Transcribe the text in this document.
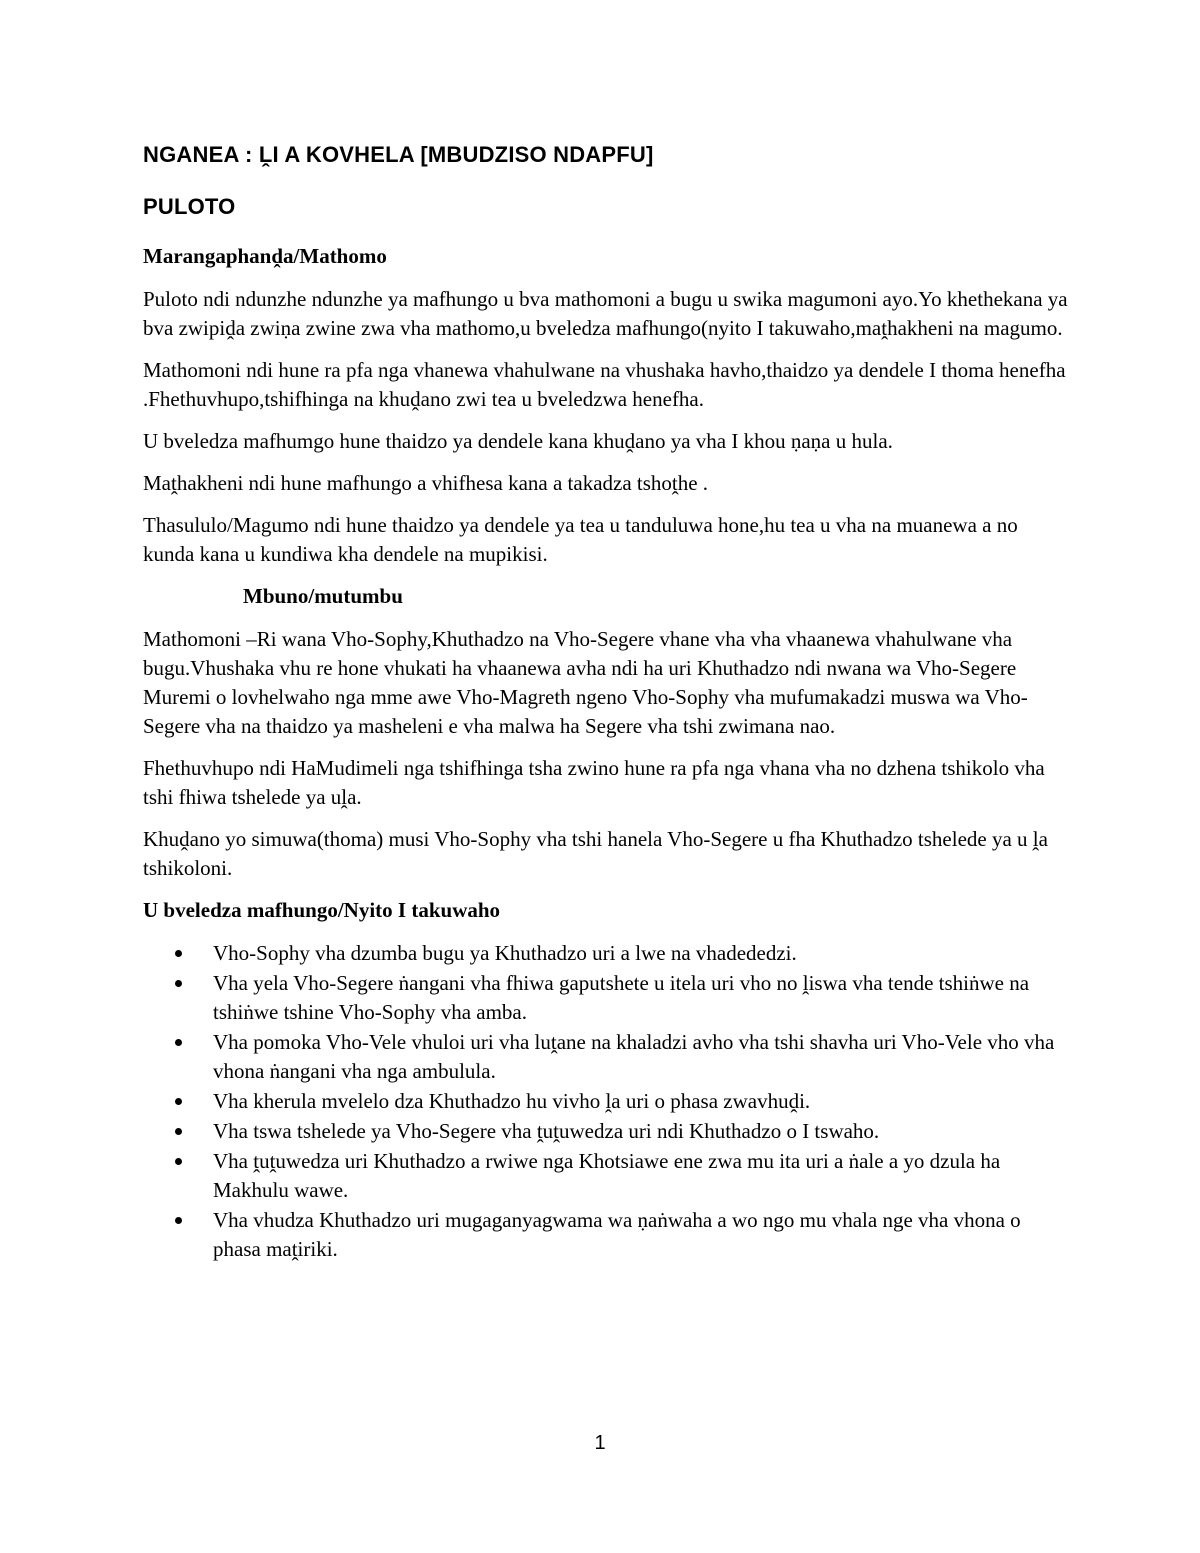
NGANEA : ḼI A KOVHELA [MBUDZISO NDAPFU]
PULOTO
Marangaphanḓa/Mathomo

Puloto ndi ndunzhe ndunzhe ya mafhungo u bva mathomoni a bugu u swika magumoni ayo.Yo khethekana ya bva zwipiḓa zwiṇa zwine zwa vha mathomo,u bveledza mafhungo(nyito I takuwaho,maṱhakheni na magumo.

Mathomoni ndi hune ra pfa nga vhanewa vhahulwane na vhushaka havho,thaidzo ya dendele I thoma henefha .Fhethuvhupo,tshifhinga na khuḓano zwi tea u bveledzwa henefha.

U bveledza mafhumgo hune thaidzo ya dendele kana khuḓano ya vha I khou ṇaṇa u hula.

Maṱhakheni ndi hune mafhungo a vhifhesa kana a takadza tshoṱhe .

Thasululo/Magumo ndi hune thaidzo ya dendele ya tea u tanduluwa hone,hu tea u vha na muanewa a no kunda kana u kundiwa kha dendele na mupikisi.

Mbuno/mutumbu

Mathomoni –Ri wana Vho-Sophy,Khuthadzo na Vho-Segere vhane vha vha vhaanewa vhahulwane vha bugu.Vhushaka vhu re hone vhukati ha vhaanewa avha ndi ha uri Khuthadzo ndi nwana wa Vho-Segere Muremi o lovhelwaho nga mme awe Vho-Magreth ngeno Vho-Sophy vha mufumakadzi muswa wa Vho-Segere vha na thaidzo ya masheleni e vha malwa ha Segere vha tshi zwimana nao.

Fhethuvhupo ndi HaMudimeli nga tshifhinga tsha zwino hune ra pfa nga vhana vha no dzhena tshikolo vha tshi fhiwa tshelede ya uḽa.

Khuḓano yo simuwa(thoma) musi Vho-Sophy vha tshi hanela Vho-Segere u fha Khuthadzo tshelede ya u ḽa tshikoloni.

U bveledza mafhungo/Nyito I takuwaho
Vho-Sophy vha dzumba bugu ya Khuthadzo uri a lwe na vhadededzi.
Vha yela Vho-Segere ṅangani vha fhiwa gaputshete u itela uri vho no ḽiswa vha tende tshiṅwe na tshiṅwe tshine Vho-Sophy vha amba.
Vha pomoka Vho-Vele vhuloi uri vha luṱane na khaladzi avho vha tshi shavha uri Vho-Vele vho vha vhona ṅangani vha nga ambulula.
Vha kherula mvelelo dza Khuthadzo hu vivho ḽa uri o phasa zwavhuḓi.
Vha tswa tshelede ya Vho-Segere vha ṱuṱuwedza uri ndi Khuthadzo o I tswaho.
Vha ṱuṱuwedza uri Khuthadzo a rwiwe nga Khotsiawe ene zwa mu ita uri a ṅale a yo dzula ha Makhulu wawe.
Vha vhudza Khuthadzo uri mugaganyagwama wa ṇaṅwaha a wo ngo mu vhala nge vha vhona o phasa maṱiriki.
1
